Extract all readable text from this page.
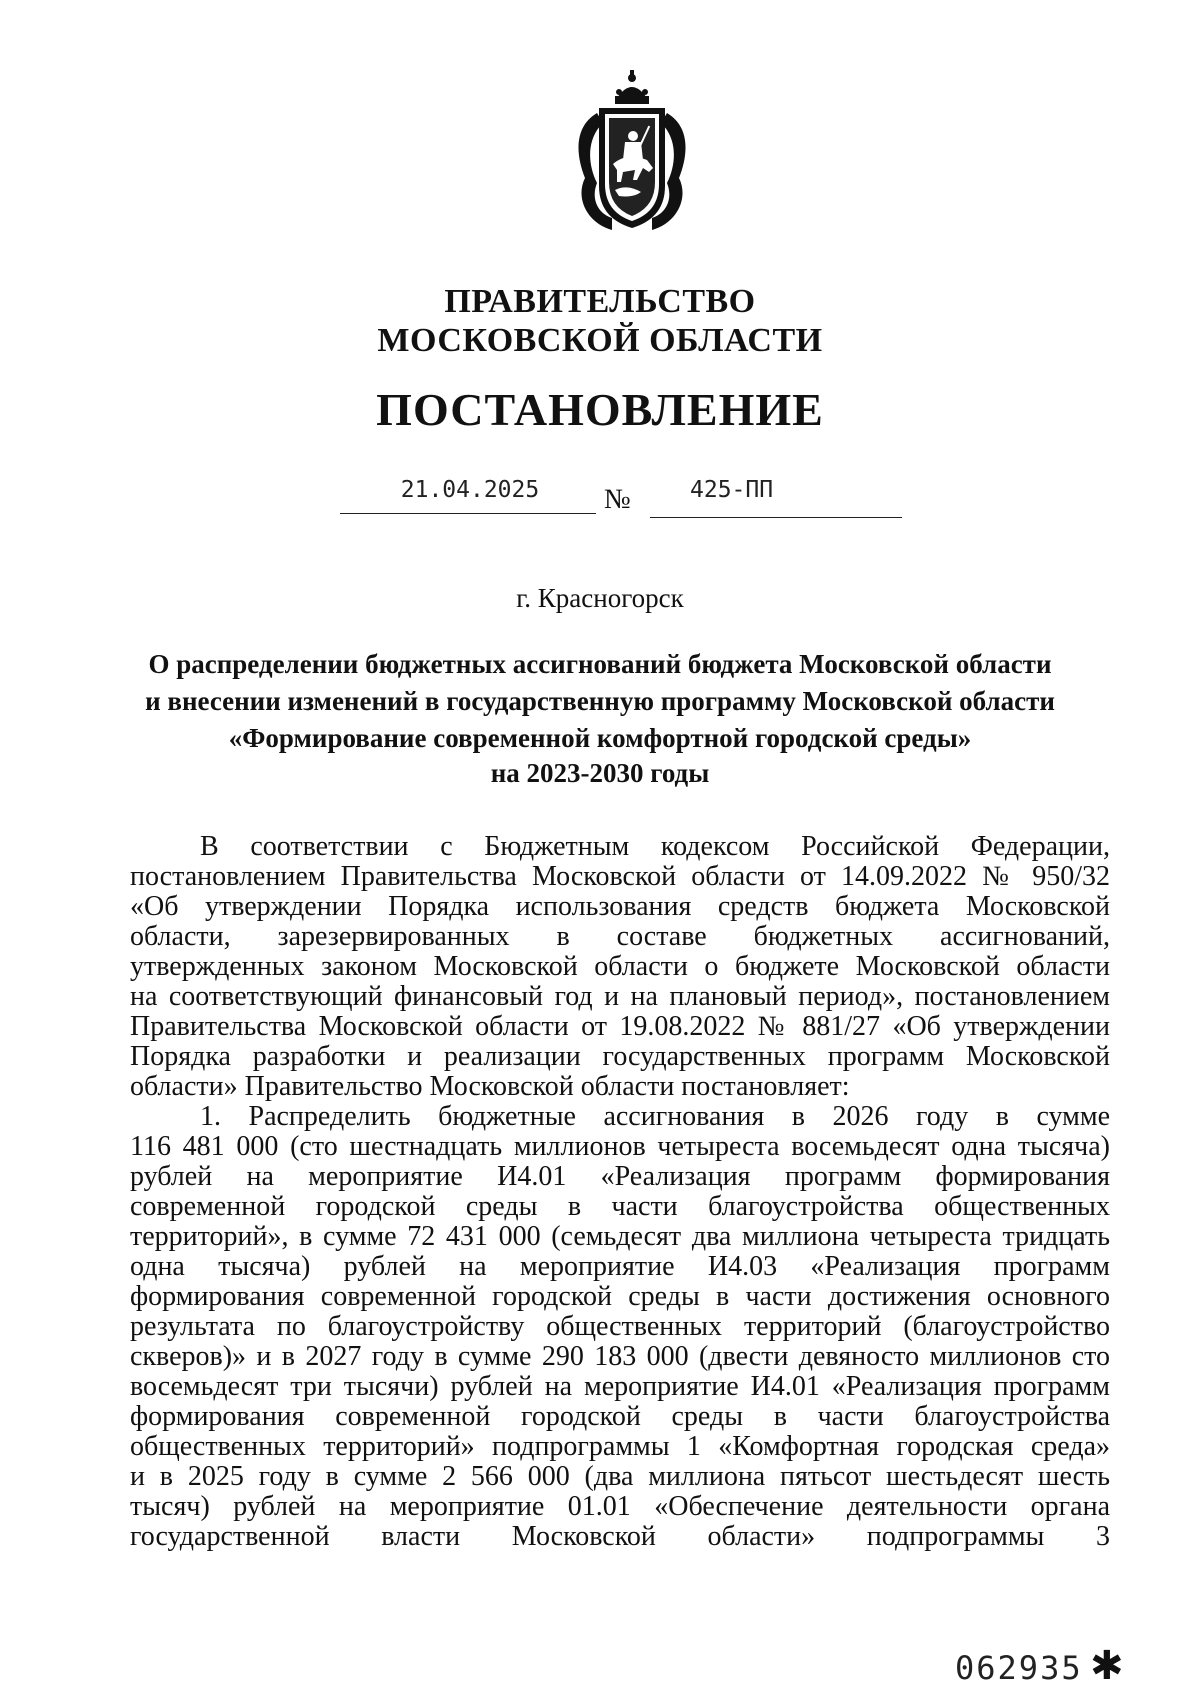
ПРАВИТЕЛЬСТВО
МОСКОВСКОЙ ОБЛАСТИ
ПОСТАНОВЛЕНИЕ
21.04.2025	№	425-ПП
г. Красногорск
О распределении бюджетных ассигнований бюджета Московской области
и внесении изменений в государственную программу Московской области
«Формирование современной комфортной городской среды»
на 2023-2030 годы
В соответствии с Бюджетным кодексом Российской Федерации,
постановлением Правительства Московской области от 14.09.2022 № 950/32
«Об утверждении Порядка использования средств бюджета Московской
области, зарезервированных в составе бюджетных ассигнований,
утвержденных законом Московской области о бюджете Московской области
на соответствующий финансовый год и на плановый период», постановлением
Правительства Московской области от 19.08.2022 № 881/27 «Об утверждении
Порядка разработки и реализации государственных программ Московской
области» Правительство Московской области постановляет:
1. Распределить бюджетные ассигнования в 2026 году в сумме
116 481 000 (сто шестнадцать миллионов четыреста восемьдесят одна тысяча)
рублей на мероприятие И4.01 «Реализация программ формирования
современной городской среды в части благоустройства общественных
территорий», в сумме 72 431 000 (семьдесят два миллиона четыреста тридцать
одна тысяча) рублей на мероприятие И4.03 «Реализация программ
формирования современной городской среды в части достижения основного
результата по благоустройству общественных территорий (благоустройство
скверов)» и в 2027 году в сумме 290 183 000 (двести девяносто миллионов сто
восемьдесят три тысячи) рублей на мероприятие И4.01 «Реализация программ
формирования современной городской среды в части благоустройства
общественных территорий» подпрограммы 1 «Комфортная городская среда»
и в 2025 году в сумме 2 566 000 (два миллиона пятьсот шестьдесят шесть
тысяч) рублей на мероприятие 01.01 «Обеспечение деятельности органа
государственной власти Московской области» подпрограммы 3
062935 ✱
